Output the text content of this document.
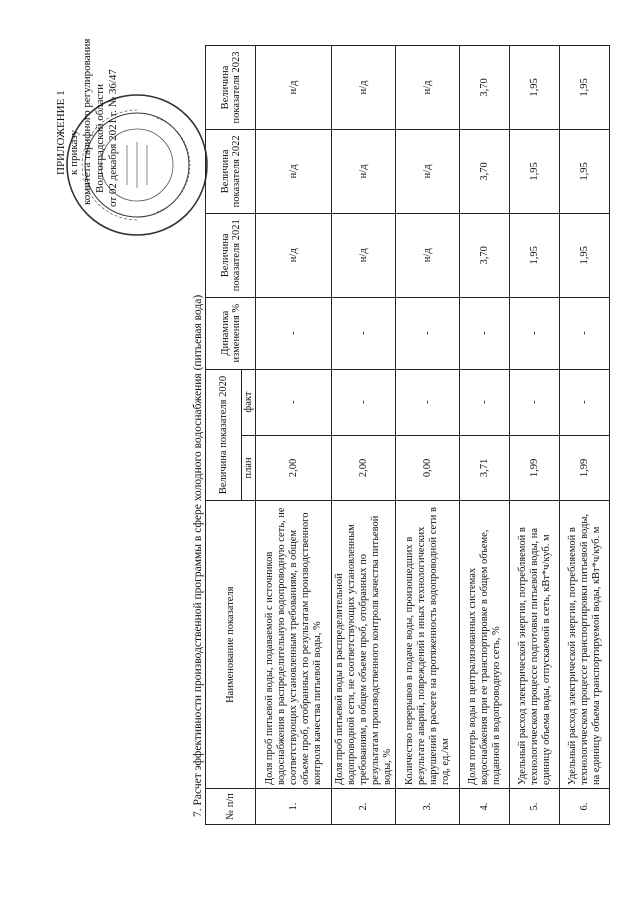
ПРИЛОЖЕНИЕ 1 к приказу комитета тарифного регулирования Волгоградской области от 02 декабря 2021 г. № 36/47
7. Расчет эффективности производственной программы в сфере холодного водоснабжения (питьевая вода) № п/п	Наименование показателя	Величина показателя 2020		Динамика изменения %	Величина показателя 2021	Величина показателя 2022	Величина показателя 2023
		план	факт				
1.	Доля проб питьевой воды, подаваемой с источников водоснабжения в распределительную водопроводную сеть, не соответствующих установленным требованиям, в общем объеме проб, отобранных по результатам производственного контроля качества питьевой воды, %	2,00	-	-	н/д	н/д	н/д
2.	Доля проб питьевой воды в распределительной водопроводной сети, не соответствующих установленным требованиям, в общем объеме проб, отобранных по результатам производственного контроля качества питьевой воды, %	2,00	-	-	н/д	н/д	н/д
3.	Количество перерывов в подаче воды, произошедших в результате аварий, повреждений и иных технологических нарушений в расчете на протяженность водопроводной сети в год, ед./км	0,00	-	-	н/д	н/д	н/д
4.	Доля потерь воды в централизованных системах водоснабжения при ее транспортировке в общем объеме, поданной в водопроводную сеть, %	3,71	-	-	3,70	3,70	3,70
5.	Удельный расход электрической энергии, потребляемой в технологическом процессе подготовки питьевой воды, на единицу объема воды, отпускаемой в сеть, кВт*ч/куб. м	1,99	-	-	1,95	1,95	1,95
6.	Удельный расход электрической энергии, потребляемой в технологическом процессе транспортировки питьевой воды, на единицу объема транспортируемой воды, кВт*ч/куб. м	1,99	-	-	1,95	1,95	1,95
